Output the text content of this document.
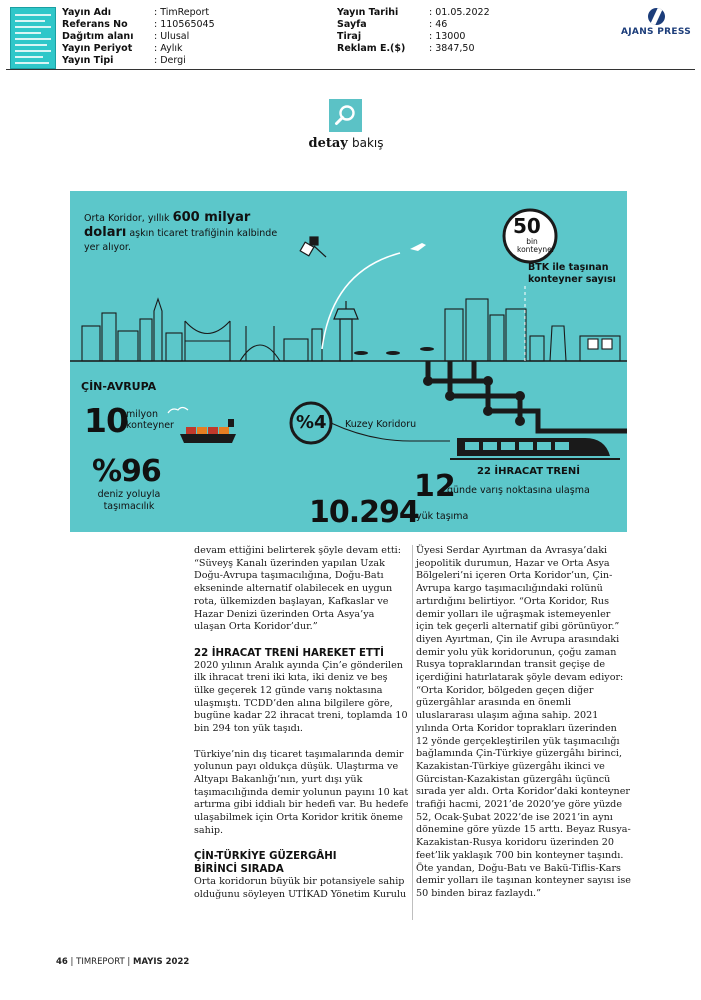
Yayın Adı	: TimReport
Referans No	: 110565045
Dağıtım alanı	: Ulusal
Yayın Periyot	: Aylık
Yayın Tipi	: Dergi
Yayın Tarihi	: 01.05.2022
Sayfa	: 46
Tiraj	: 13000
Reklam E.($)	: 3847,50
AJANS PRESS
detay bakış
Orta Koridor, yıllık 600 milyar
doları aşkın ticaret trafiğinin kalbinde yer alıyor.
ÇİN-AVRUPA
10
milyon konteyner
%96
deniz yoluyla taşımacılık
%4 Kuzey Koridoru
50
bin konteyner
BTK ile taşınan konteyner sayısı
22 İHRACAT TRENİ
12
günde varış noktasına ulaşma
10.294
yük taşıma

devam ettiğini belirterek şöyle devam etti: “Süveyş Kanalı üzerinden yapılan Uzak Doğu-Avrupa taşımacılığına, Doğu-Batı ekseninde alternatif olabilecek en uygun rota, ülkemizden başlayan, Kafkaslar ve Hazar Denizi üzerinden Orta Asya’ya ulaşan Orta Koridor’dur.”

22 İHRACAT TRENİ HAREKET ETTİ

2020 yılının Aralık ayında Çin’e gönderilen ilk ihracat treni iki kıta, iki deniz ve beş ülke geçerek 12 günde varış noktasına ulaşmıştı. TCDD’den alına bilgilere göre, bugüne kadar 22 ihracat treni, toplamda 10 bin 294 ton yük taşıdı.

Türkiye’nin dış ticaret taşımalarında demir yolunun payı oldukça düşük. Ulaştırma ve Altyapı Bakanlığı’nın, yurt dışı yük taşımacılığında demir yolunun payını 10 kat artırma gibi iddialı bir hedefi var. Bu hedefe ulaşabilmek için Orta Koridor kritik öneme sahip.

ÇİN-TÜRKİYE GÜZERGÂHI BİRİNCİ SIRADA

Orta koridorun büyük bir potansiyele sahip olduğunu söyleyen UTİKAD Yönetim Kurulu

Üyesi Serdar Ayırtman da Avrasya’daki jeopolitik durumun, Hazar ve Orta Asya Bölgeleri’ni içeren Orta Koridor’un, Çin-Avrupa kargo taşımacılığındaki rolünü artırdığını belirtiyor. “Orta Koridor, Rus demir yolları ile uğraşmak istemeyenler için tek geçerli alternatif gibi görünüyor.” diyen Ayırtman, Çin ile Avrupa arasındaki demir yolu yük koridorunun, çoğu zaman Rusya topraklarından transit geçişe de içerdiğini hatırlatarak şöyle devam ediyor: “Orta Koridor, bölgeden geçen diğer güzergâhlar arasında en önemli uluslararası ulaşım ağına sahip. 2021 yılında Orta Koridor toprakları üzerinden 12 yönde gerçekleştirilen yük taşımacılığı bağlamında Çin-Türkiye güzergâhı birinci, Kazakistan-Türkiye güzergâhı ikinci ve Gürcistan-Kazakistan güzergâhı üçüncü sırada yer aldı. Orta Koridor’daki konteyner trafiği hacmi, 2021’de 2020’ye göre yüzde 52, Ocak-Şubat 2022’de ise 2021’in aynı dönemine göre yüzde 15 arttı. Beyaz Rusya-Kazakistan-Rusya koridoru üzerinden 20 feet’lik yaklaşık 700 bin konteyner taşındı. Öte yandan, Doğu-Batı ve Bakü-Tiflis-Kars demir yolları ile taşınan konteyner sayısı ise 50 binden biraz fazlaydı.”

46 | TIMREPORT | MAYIS 2022
